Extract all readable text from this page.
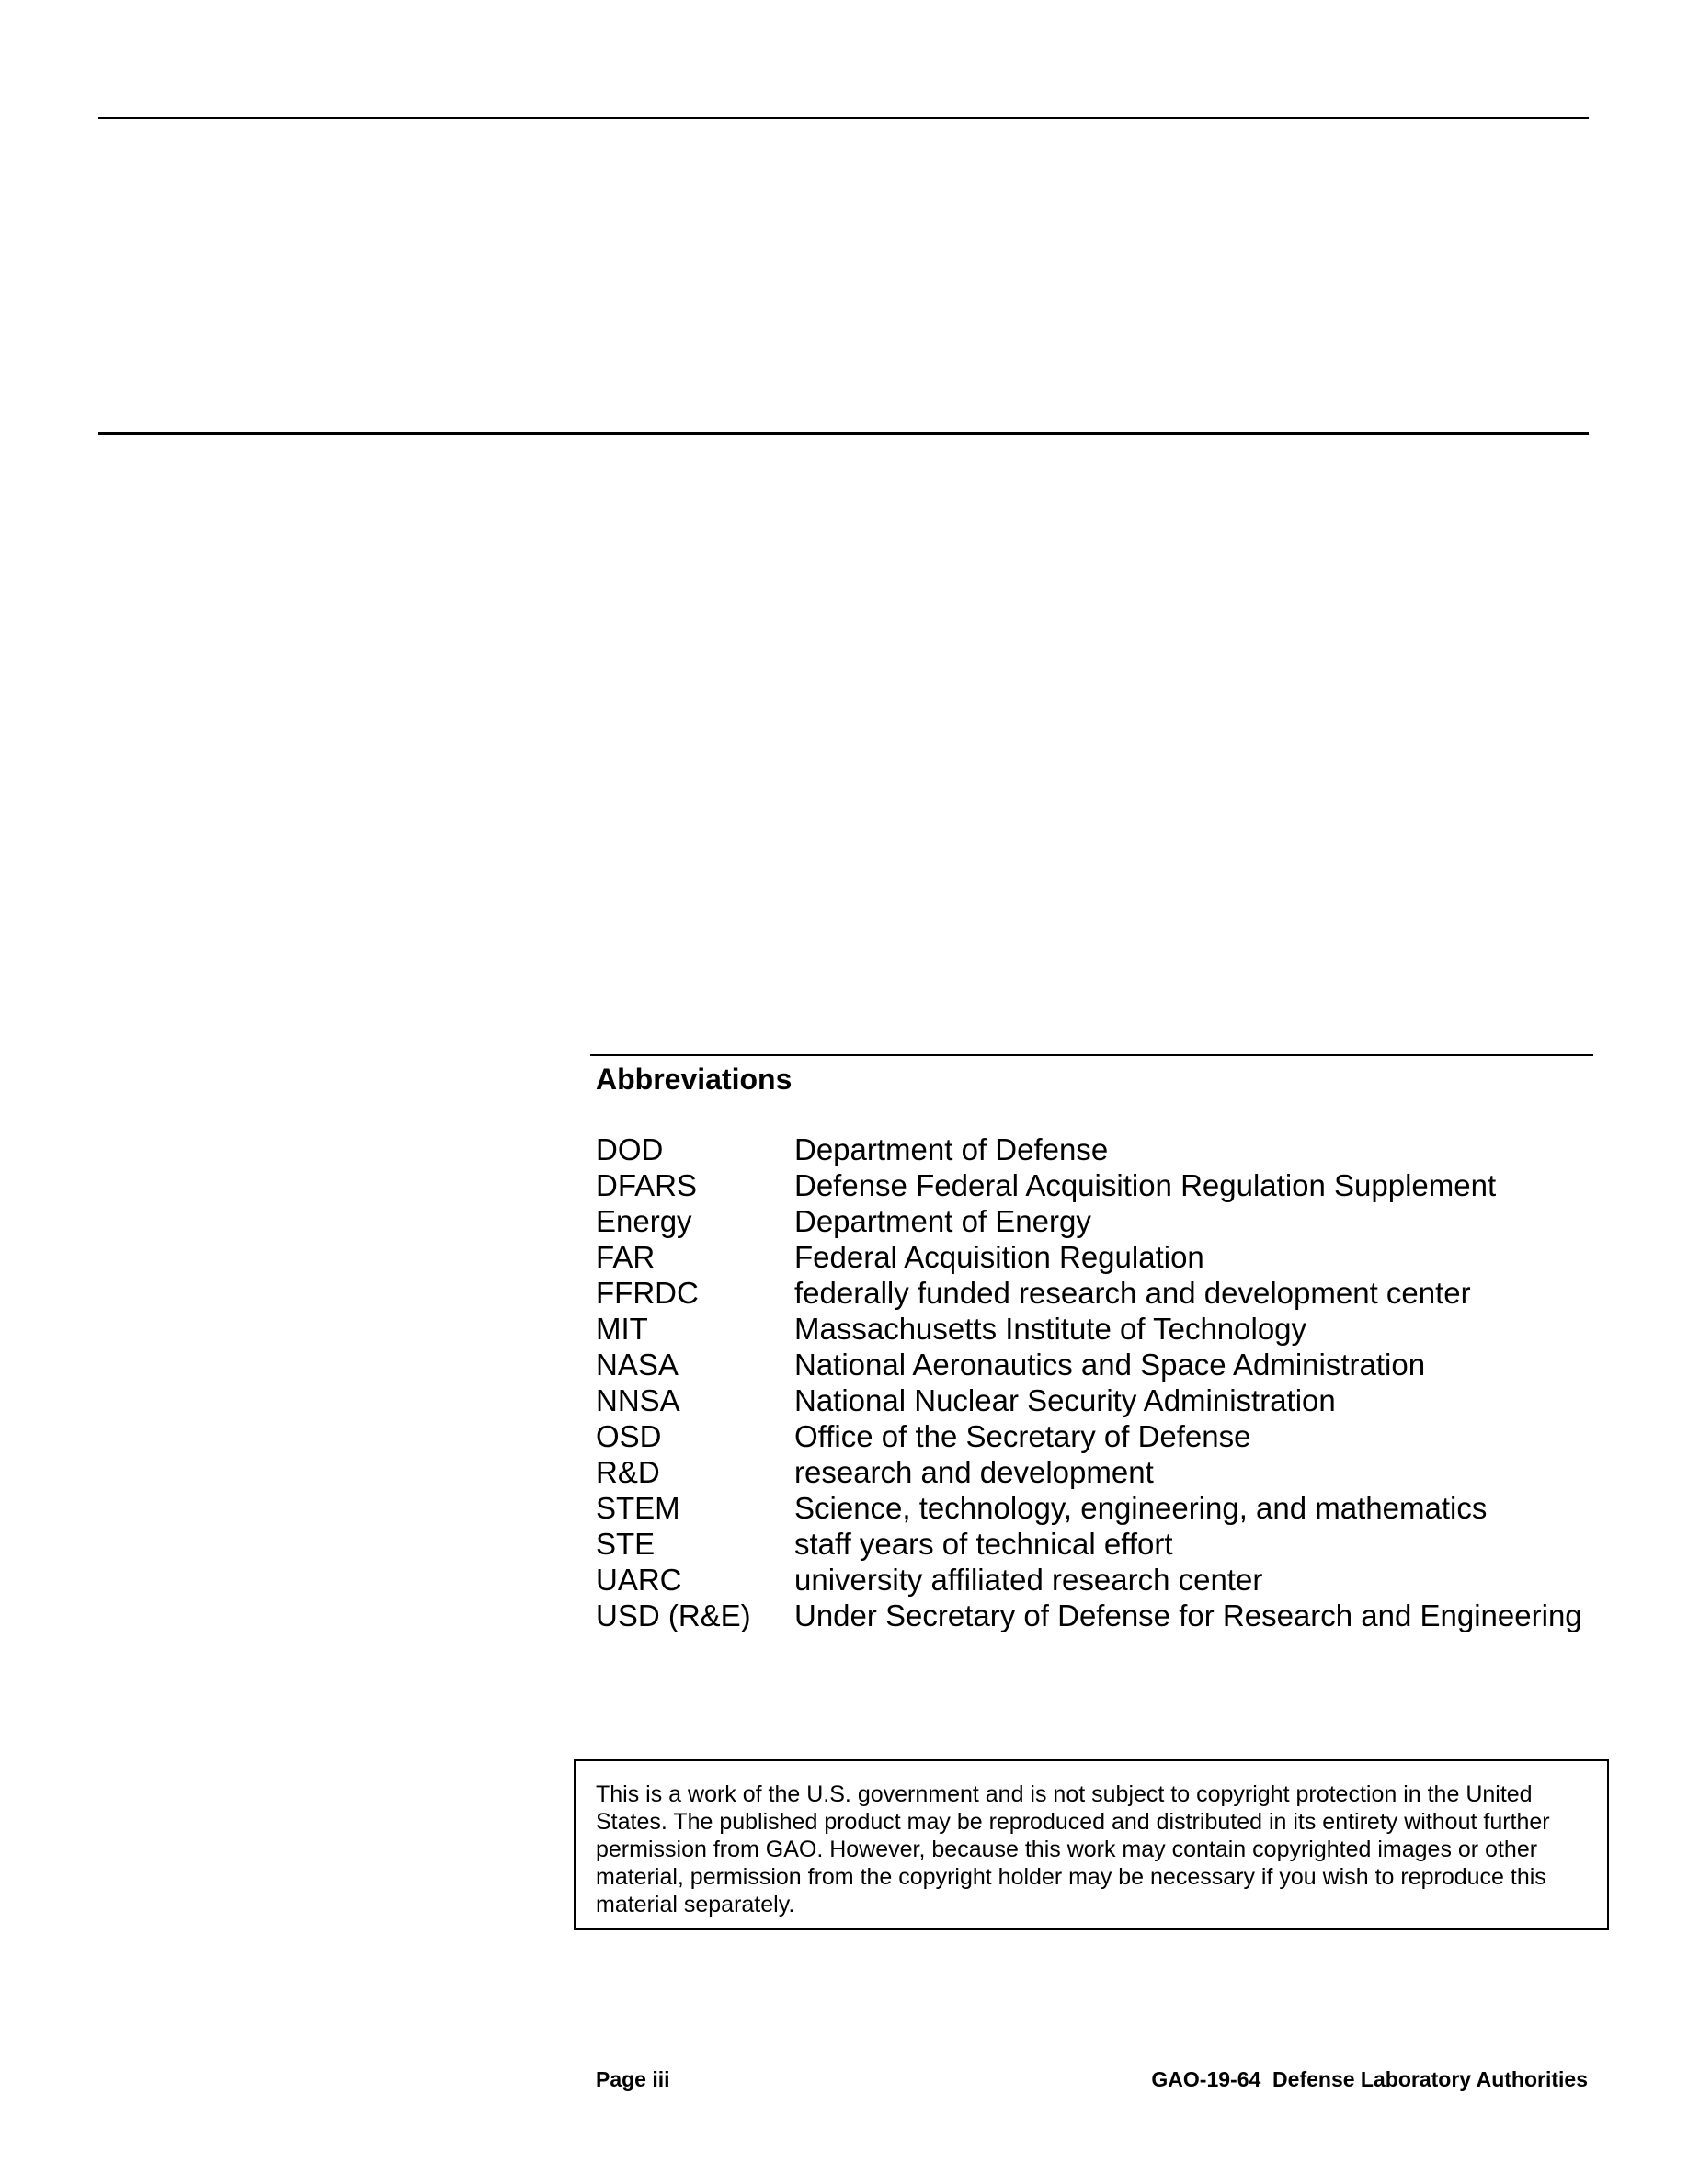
Abbreviations
DOD	Department of Defense
DFARS	Defense Federal Acquisition Regulation Supplement
Energy	Department of Energy
FAR	Federal Acquisition Regulation
FFRDC	federally funded research and development center
MIT	Massachusetts Institute of Technology
NASA	National Aeronautics and Space Administration
NNSA	National Nuclear Security Administration
OSD	Office of the Secretary of Defense
R&D	research and development
STEM	Science, technology, engineering, and mathematics
STE	staff years of technical effort
UARC	university affiliated research center
USD (R&E)	Under Secretary of Defense for Research and Engineering

This is a work of the U.S. government and is not subject to copyright protection in the United States. The published product may be reproduced and distributed in its entirety without further permission from GAO. However, because this work may contain copyrighted images or other material, permission from the copyright holder may be necessary if you wish to reproduce this material separately.

Page iii	GAO-19-64  Defense Laboratory Authorities
